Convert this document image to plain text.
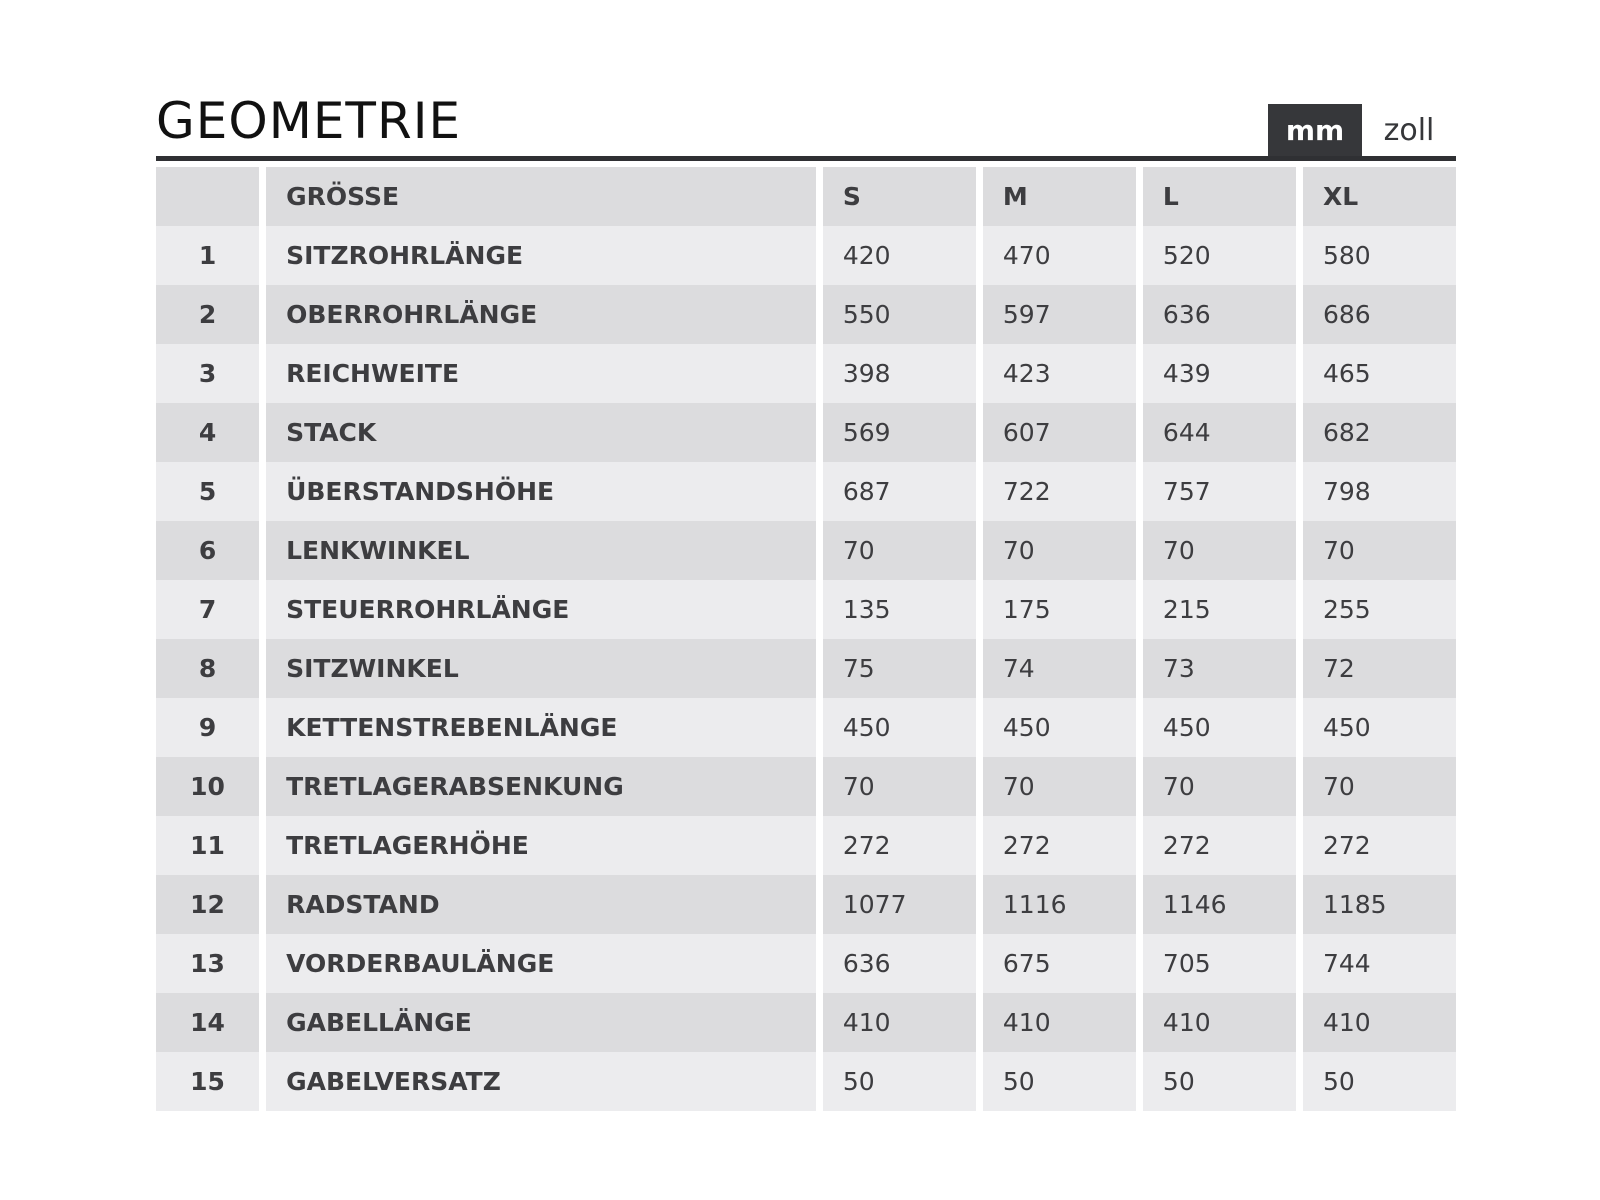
GEOMETRIE	mm	zoll
	GRÖSSE	S	M	L	XL
1	SITZROHRLÄNGE	420	470	520	580
2	OBERROHRLÄNGE	550	597	636	686
3	REICHWEITE	398	423	439	465
4	STACK	569	607	644	682
5	ÜBERSTANDSHÖHE	687	722	757	798
6	LENKWINKEL	70	70	70	70
7	STEUERROHRLÄNGE	135	175	215	255
8	SITZWINKEL	75	74	73	72
9	KETTENSTREBENLÄNGE	450	450	450	450
10	TRETLAGERABSENKUNG	70	70	70	70
11	TRETLAGERHÖHE	272	272	272	272
12	RADSTAND	1077	1116	1146	1185
13	VORDERBAULÄNGE	636	675	705	744
14	GABELLÄNGE	410	410	410	410
15	GABELVERSATZ	50	50	50	50
